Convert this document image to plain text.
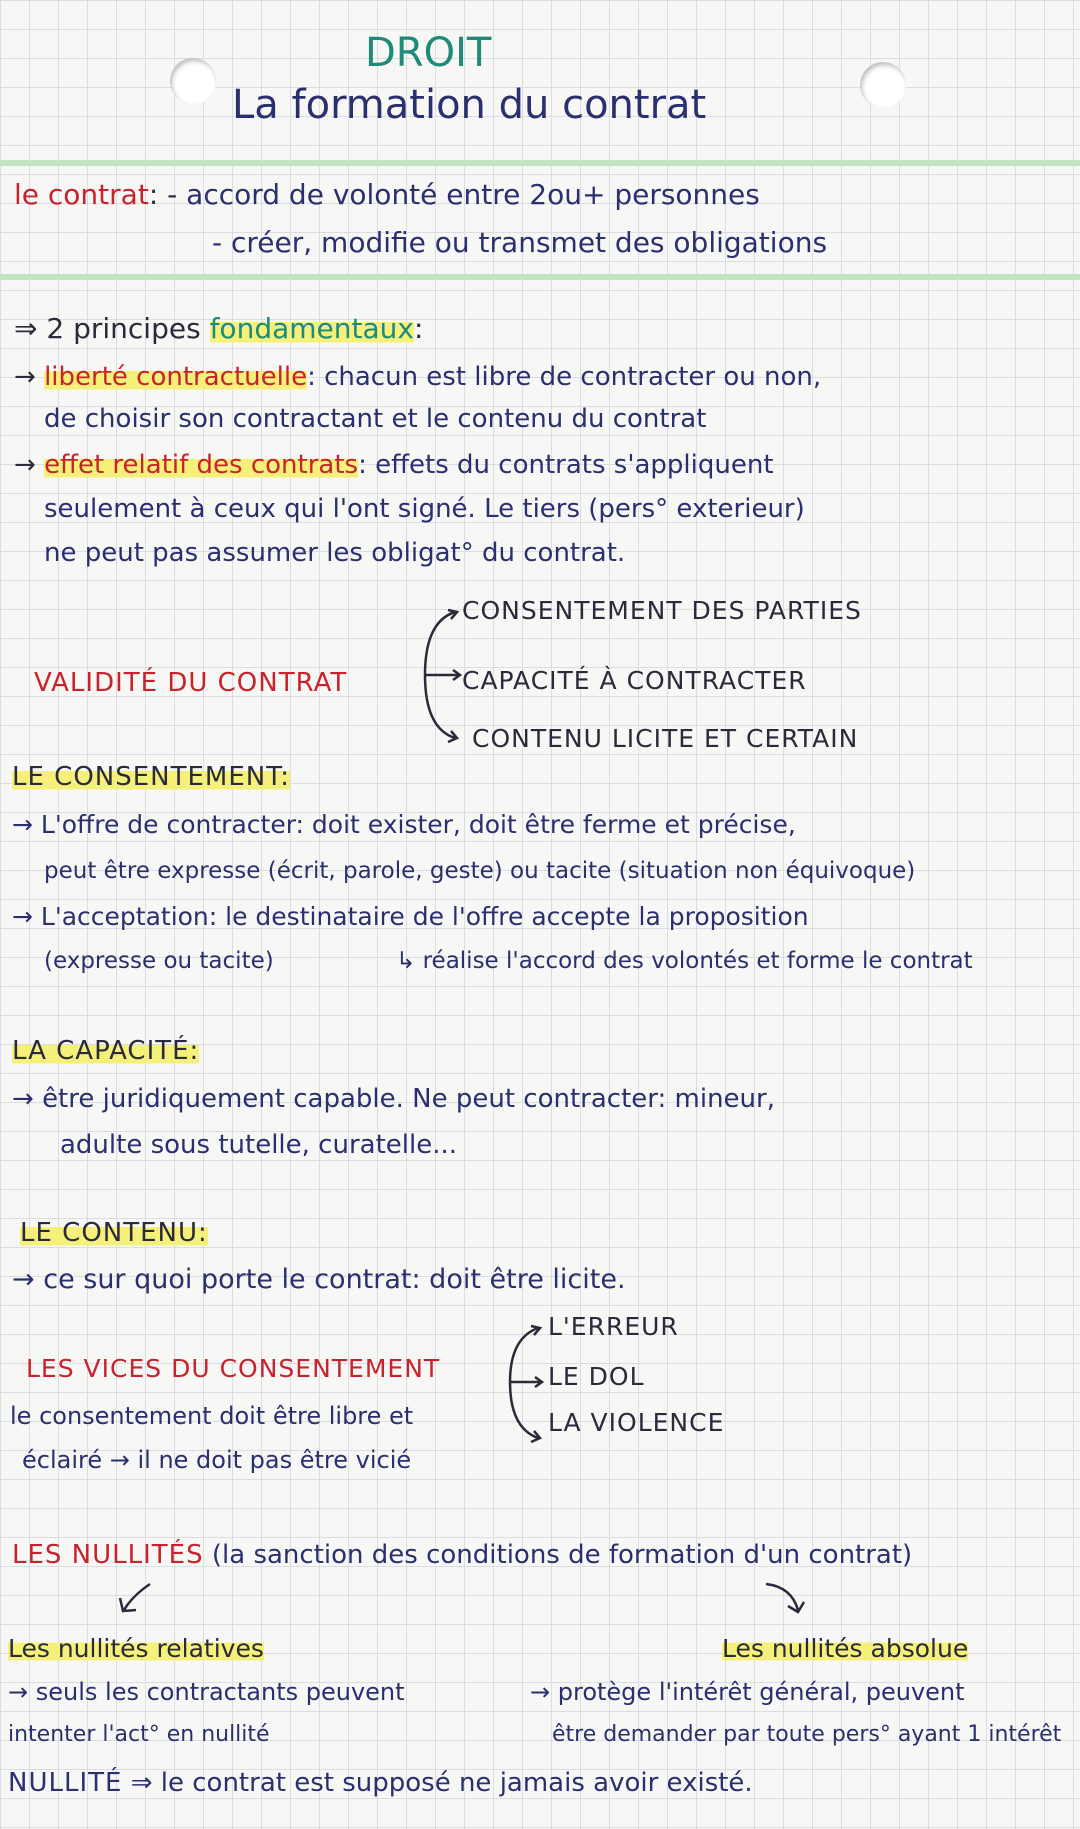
DROIT
La formation du contrat
le contrat: - accord de volonté entre 2ou+ personnes
- créer, modifie ou transmet des obligations
⇒ 2 principes fondamentaux:
→ liberté contractuelle: chacun est libre de contracter ou non,
de choisir son contractant et le contenu du contrat
→ effet relatif des contrats: effets du contrats s'appliquent
seulement à ceux qui l'ont signé. Le tiers (pers° exterieur)
ne peut pas assumer les obligat° du contrat.
VALIDITÉ DU CONTRAT
CONSENTEMENT DES PARTIES
CAPACITÉ À CONTRACTER
CONTENU LICITE ET CERTAIN
LE CONSENTEMENT:
→ L'offre de contracter: doit exister, doit être ferme et précise,
peut être expresse (écrit, parole, geste) ou tacite (situation non équivoque)
→ L'acceptation: le destinataire de l'offre accepte la proposition
(expresse ou tacite)	↳ réalise l'accord des volontés et forme le contrat
LA CAPACITÉ:
→ être juridiquement capable. Ne peut contracter: mineur,
adulte sous tutelle, curatelle...
LE CONTENU:
→ ce sur quoi porte le contrat: doit être licite.
LES VICES DU CONSENTEMENT
le consentement doit être libre et
éclairé → il ne doit pas être vicié
L'ERREUR
LE DOL
LA VIOLENCE
LES NULLITÉS (la sanction des conditions de formation d'un contrat)
Les nullités relatives
→ seuls les contractants peuvent
intenter l'act° en nullité
Les nullités absolue
→ protège l'intérêt général, peuvent
être demander par toute pers° ayant 1 intérêt
NULLITÉ ⇒ le contrat est supposé ne jamais avoir existé.
